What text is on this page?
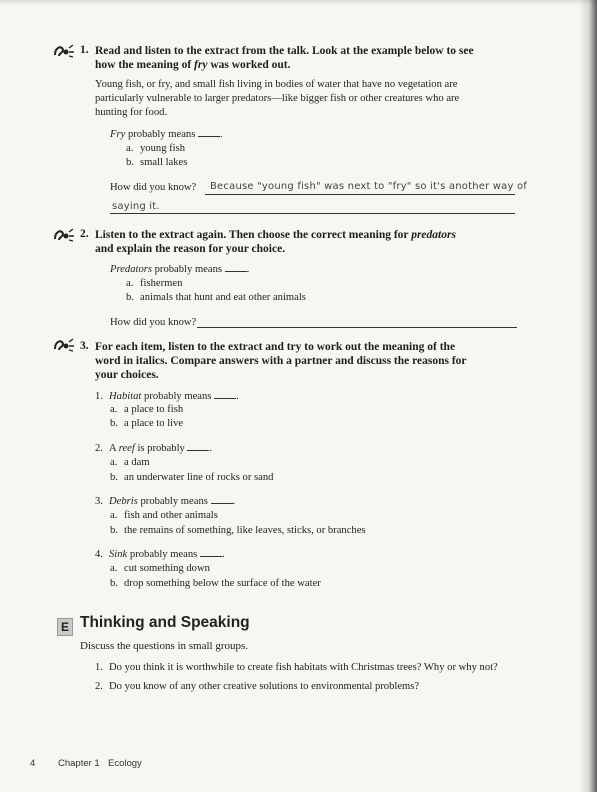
1. Read and listen to the extract from the talk. Look at the example below to see
how the meaning of fry was worked out.
Young fish, or fry, and small fish living in bodies of water that have no vegetation are
particularly vulnerable to larger predators—like bigger fish or other creatures who are
hunting for food.
Fry probably means .
a. young fish
b. small lakes
How did you know? Because "young fish" was next to "fry" so it's another way of
saying it.
2. Listen to the extract again. Then choose the correct meaning for predators
and explain the reason for your choice.
Predators probably means .
a. fishermen
b. animals that hunt and eat other animals
How did you know?
3. For each item, listen to the extract and try to work out the meaning of the
word in italics. Compare answers with a partner and discuss the reasons for
your choices.
1. Habitat probably means .
a. a place to fish
b. a place to live
2. A reef is probably .
a. a dam
b. an underwater line of rocks or sand
3. Debris probably means .
a. fish and other animals
b. the remains of something, like leaves, sticks, or branches
4. Sink probably means .
a. cut something down
b. drop something below the surface of the water
E Thinking and Speaking
Discuss the questions in small groups.
1. Do you think it is worthwhile to create fish habitats with Christmas trees? Why or why not?
2. Do you know of any other creative solutions to environmental problems?
4 Chapter 1 Ecology
